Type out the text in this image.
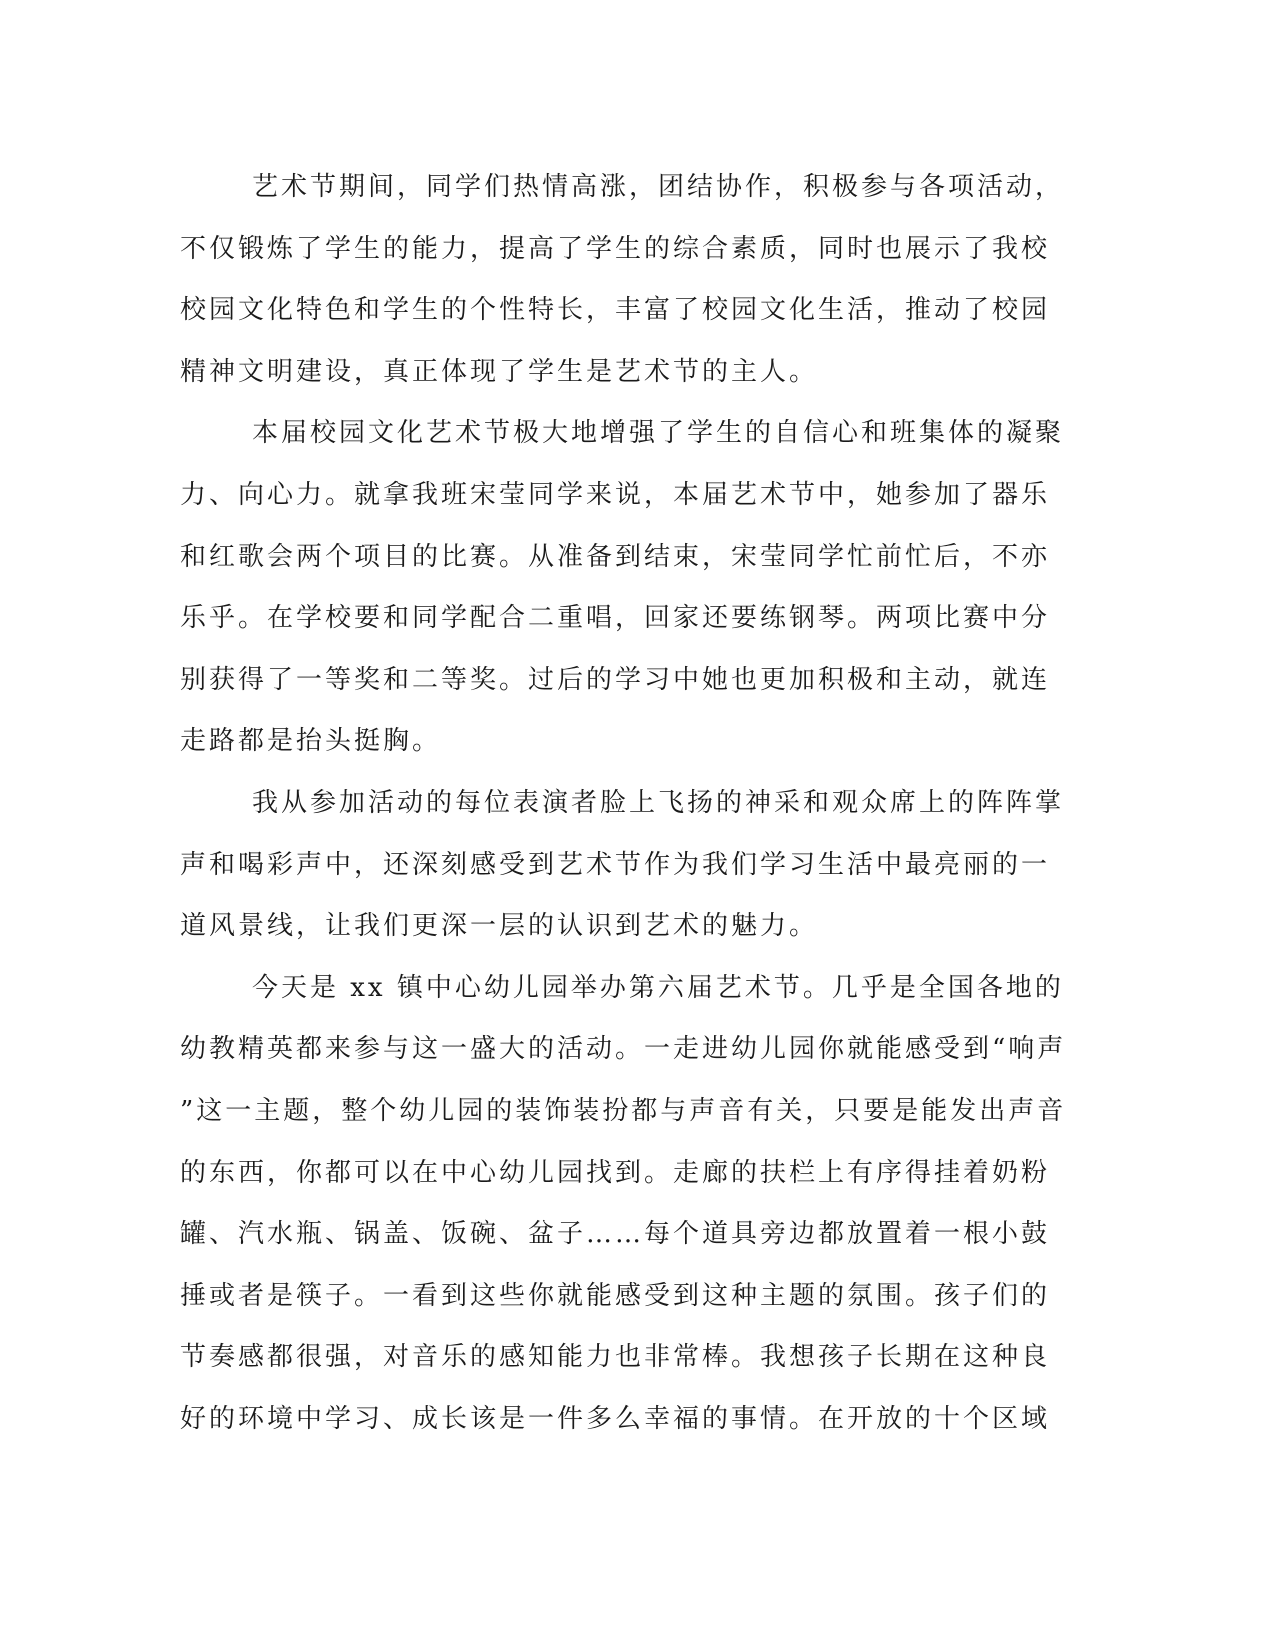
艺术节期间，同学们热情高涨，团结协作，积极参与各项活动，
不仅锻炼了学生的能力，提高了学生的综合素质，同时也展示了我校
校园文化特色和学生的个性特长，丰富了校园文化生活，推动了校园
精神文明建设，真正体现了学生是艺术节的主人。
本届校园文化艺术节极大地增强了学生的自信心和班集体的凝聚
力、向心力。就拿我班宋莹同学来说，本届艺术节中，她参加了器乐
和红歌会两个项目的比赛。从准备到结束，宋莹同学忙前忙后，不亦
乐乎。在学校要和同学配合二重唱，回家还要练钢琴。两项比赛中分
别获得了一等奖和二等奖。过后的学习中她也更加积极和主动，就连
走路都是抬头挺胸。
我从参加活动的每位表演者脸上飞扬的神采和观众席上的阵阵掌
声和喝彩声中，还深刻感受到艺术节作为我们学习生活中最亮丽的一
道风景线，让我们更深一层的认识到艺术的魅力。
今天是 xx 镇中心幼儿园举办第六届艺术节。几乎是全国各地的
幼教精英都来参与这一盛大的活动。一走进幼儿园你就能感受到“响声
”这一主题，整个幼儿园的装饰装扮都与声音有关，只要是能发出声音
的东西，你都可以在中心幼儿园找到。走廊的扶栏上有序得挂着奶粉
罐、汽水瓶、锅盖、饭碗、盆子……每个道具旁边都放置着一根小鼓
捶或者是筷子。一看到这些你就能感受到这种主题的氛围。孩子们的
节奏感都很强，对音乐的感知能力也非常棒。我想孩子长期在这种良
好的环境中学习、成长该是一件多么幸福的事情。在开放的十个区域
